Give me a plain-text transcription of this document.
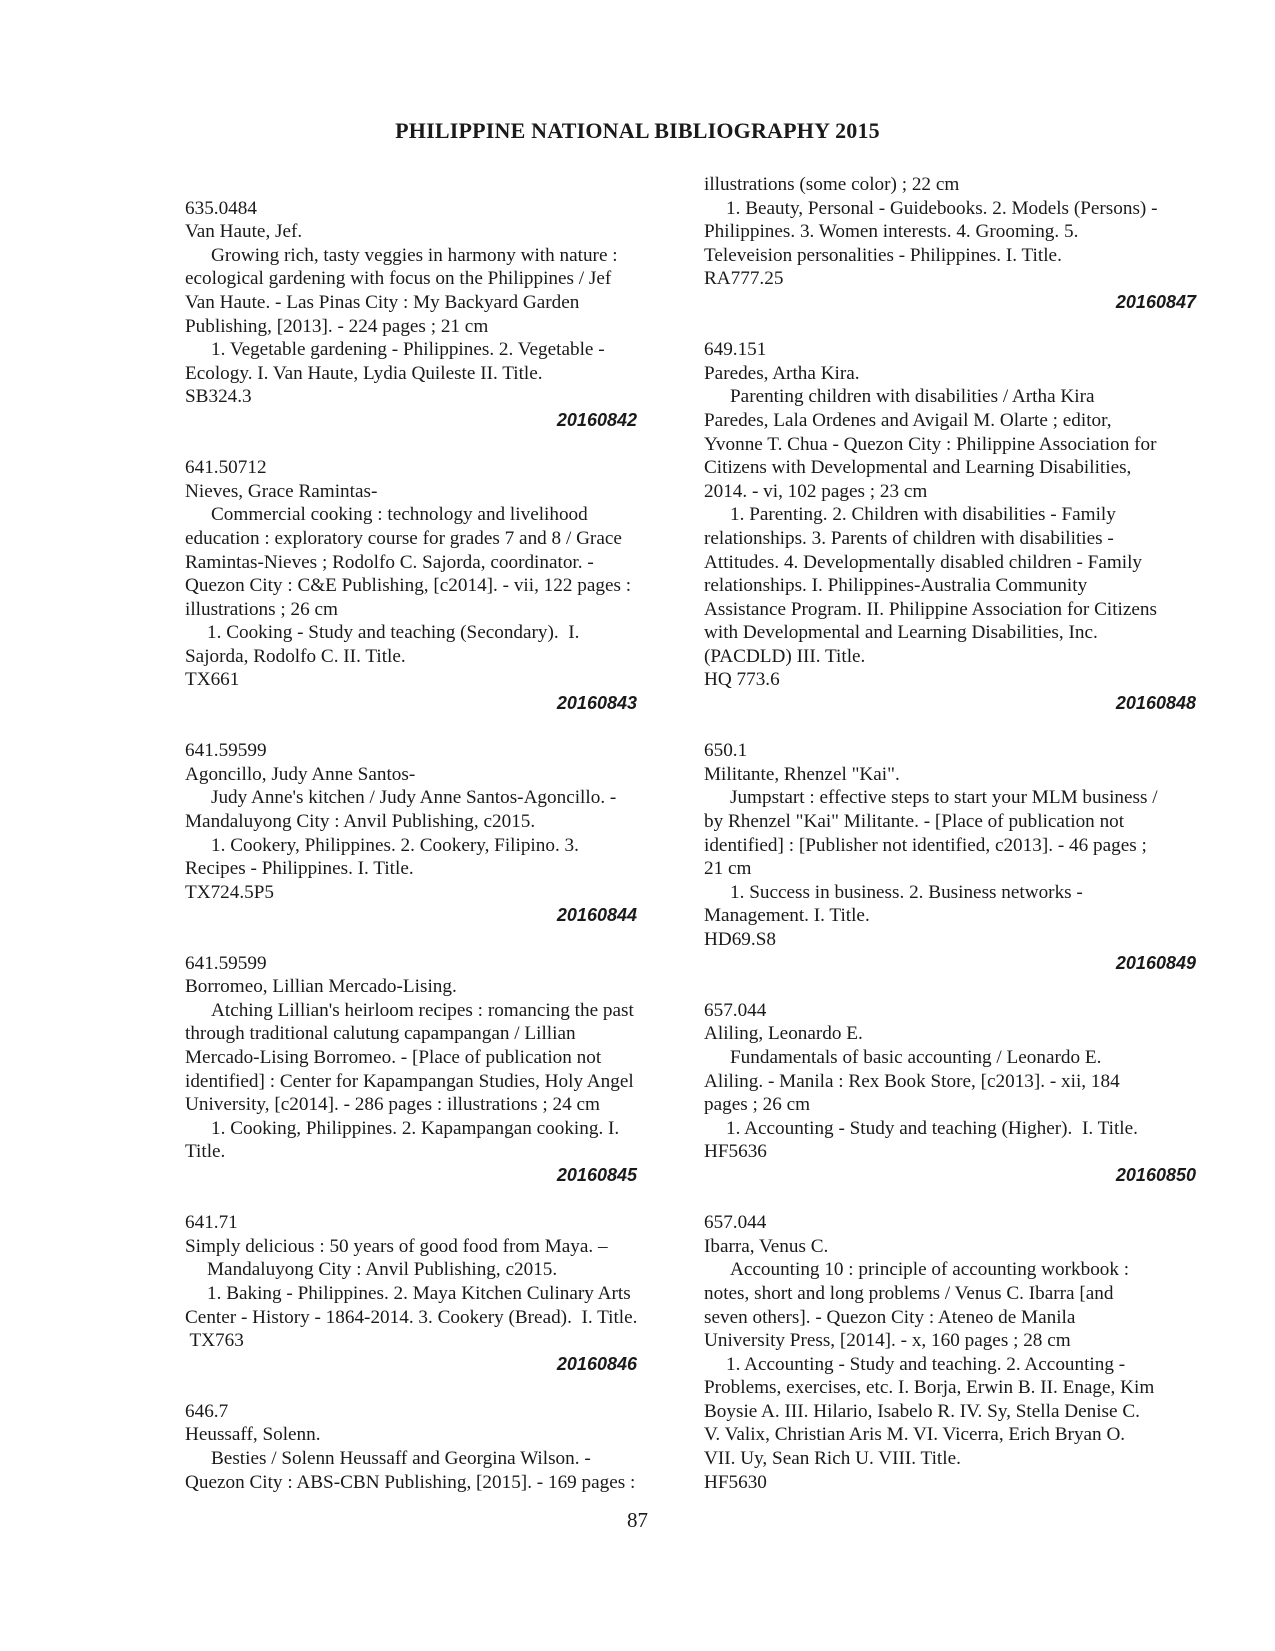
PHILIPPINE NATIONAL BIBLIOGRAPHY 2015
635.0484
Van Haute, Jef.
Growing rich, tasty veggies in harmony with nature :
ecological gardening with focus on the Philippines / Jef
Van Haute. - Las Pinas City : My Backyard Garden
Publishing, [2013]. - 224 pages ; 21 cm
1. Vegetable gardening - Philippines. 2. Vegetable -
Ecology. I. Van Haute, Lydia Quileste II. Title.
SB324.3
20160842
641.50712
Nieves, Grace Ramintas-
Commercial cooking : technology and livelihood
education : exploratory course for grades 7 and 8 / Grace
Ramintas-Nieves ; Rodolfo C. Sajorda, coordinator. -
Quezon City : C&E Publishing, [c2014]. - vii, 122 pages :
illustrations ; 26 cm
1. Cooking - Study and teaching (Secondary).  I.
Sajorda, Rodolfo C. II. Title.
TX661
20160843
641.59599
Agoncillo, Judy Anne Santos-
Judy Anne's kitchen / Judy Anne Santos-Agoncillo. -
Mandaluyong City : Anvil Publishing, c2015.
1. Cookery, Philippines. 2. Cookery, Filipino. 3.
Recipes - Philippines. I. Title.
TX724.5P5
20160844
641.59599
Borromeo, Lillian Mercado-Lising.
Atching Lillian's heirloom recipes : romancing the past
through traditional calutung capampangan / Lillian
Mercado-Lising Borromeo. - [Place of publication not
identified] : Center for Kapampangan Studies, Holy Angel
University, [c2014]. - 286 pages : illustrations ; 24 cm
1. Cooking, Philippines. 2. Kapampangan cooking. I.
Title.
20160845
641.71
Simply delicious : 50 years of good food from Maya. –
Mandaluyong City : Anvil Publishing, c2015.
1. Baking - Philippines. 2. Maya Kitchen Culinary Arts
Center - History - 1864-2014. 3. Cookery (Bread).  I. Title.
TX763
20160846
646.7
Heussaff, Solenn.
Besties / Solenn Heussaff and Georgina Wilson. -
Quezon City : ABS-CBN Publishing, [2015]. - 169 pages :
illustrations (some color) ; 22 cm
1. Beauty, Personal - Guidebooks. 2. Models (Persons) -
Philippines. 3. Women interests. 4. Grooming. 5.
Televeision personalities - Philippines. I. Title.
RA777.25
20160847
649.151
Paredes, Artha Kira.
Parenting children with disabilities / Artha Kira
Paredes, Lala Ordenes and Avigail M. Olarte ; editor,
Yvonne T. Chua - Quezon City : Philippine Association for
Citizens with Developmental and Learning Disabilities,
2014. - vi, 102 pages ; 23 cm
1. Parenting. 2. Children with disabilities - Family
relationships. 3. Parents of children with disabilities -
Attitudes. 4. Developmentally disabled children - Family
relationships. I. Philippines-Australia Community
Assistance Program. II. Philippine Association for Citizens
with Developmental and Learning Disabilities, Inc.
(PACDLD) III. Title.
HQ 773.6
20160848
650.1
Militante, Rhenzel "Kai".
Jumpstart : effective steps to start your MLM business /
by Rhenzel "Kai" Militante. - [Place of publication not
identified] : [Publisher not identified, c2013]. - 46 pages ;
21 cm
1. Success in business. 2. Business networks -
Management. I. Title.
HD69.S8
20160849
657.044
Aliling, Leonardo E.
Fundamentals of basic accounting / Leonardo E.
Aliling. - Manila : Rex Book Store, [c2013]. - xii, 184
pages ; 26 cm
1. Accounting - Study and teaching (Higher).  I. Title.
HF5636
20160850
657.044
Ibarra, Venus C.
Accounting 10 : principle of accounting workbook :
notes, short and long problems / Venus C. Ibarra [and
seven others]. - Quezon City : Ateneo de Manila
University Press, [2014]. - x, 160 pages ; 28 cm
1. Accounting - Study and teaching. 2. Accounting -
Problems, exercises, etc. I. Borja, Erwin B. II. Enage, Kim
Boysie A. III. Hilario, Isabelo R. IV. Sy, Stella Denise C.
V. Valix, Christian Aris M. VI. Vicerra, Erich Bryan O.
VII. Uy, Sean Rich U. VIII. Title.
HF5630
87
